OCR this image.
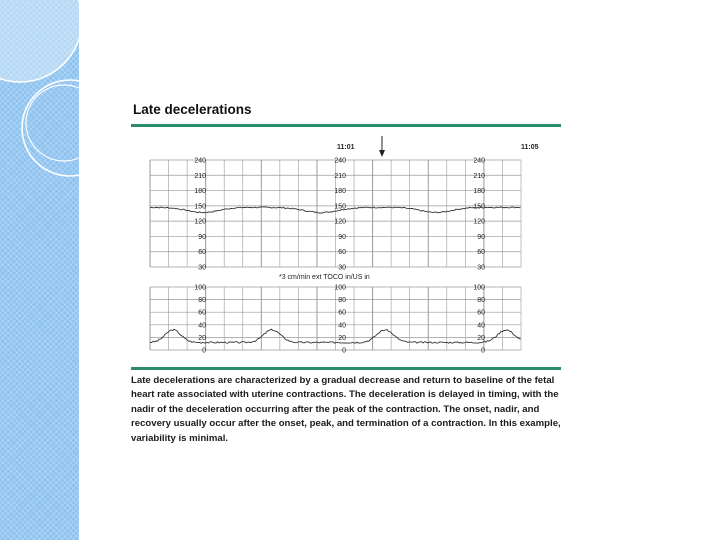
Late decelerations
240	240	240
210	210	210
180	180	180
150	150	150
120	120	120
90	90	90
60	60	60
30	30	30
100	100	100
80	80	80
60	60	60
40	40	40
20	20	20
0	0	0
11:01	11:05
*3 cm/min ext TOCO in/US in

Late decelerations are characterized by a gradual decrease and return to baseline of the fetal heart rate associated with uterine contractions. The deceleration is delayed in timing, with the nadir of the deceleration occurring after the peak of the contraction. The onset, nadir, and recovery usually occur after the onset, peak, and termination of a contraction. In this example, variability is minimal.
